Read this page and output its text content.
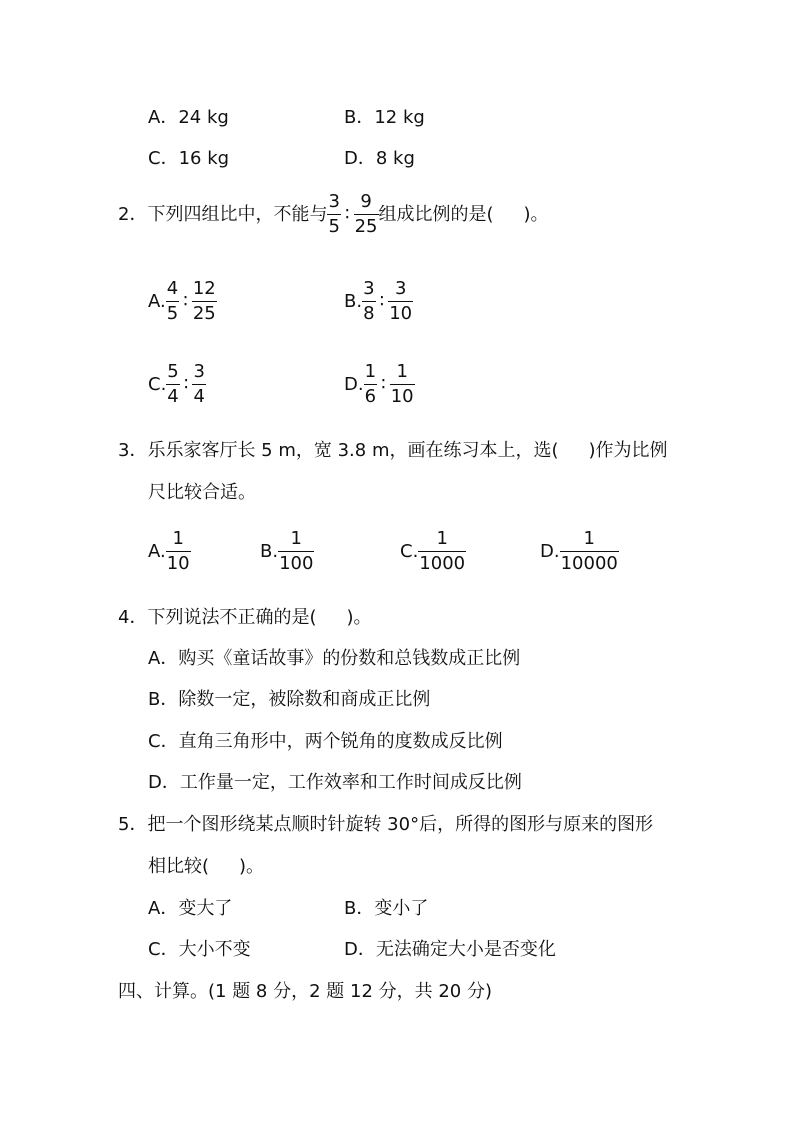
A．24 kg	B．12 kg
C．16 kg	D．8 kg
2．下列四组比中，不能与 $\frac{3}{5}$ ∶ $\frac{9}{25}$ 组成比例的是( )。
A. $\frac{4}{5}$ ∶ $\frac{12}{25}$	B. $\frac{3}{8}$ ∶ $\frac{3}{10}$
C. $\frac{5}{4}$ ∶ $\frac{3}{4}$	D. $\frac{1}{6}$ ∶ $\frac{1}{10}$
3．乐乐家客厅长 5 m，宽 3.8 m，画在练习本上，选( )作为比例
尺比较合适。
A. $\frac{1}{10}$	B. $\frac{1}{100}$	C. $\frac{1}{1000}$	D. $\frac{1}{10000}$
4．下列说法不正确的是( )。
A．购买《童话故事》的份数和总钱数成正比例
B．除数一定，被除数和商成正比例
C．直角三角形中，两个锐角的度数成反比例
D．工作量一定，工作效率和工作时间成反比例
5．把一个图形绕某点顺时针旋转 30°后，所得的图形与原来的图形
相比较( )。
A．变大了	B．变小了
C．大小不变	D．无法确定大小是否变化
四、计算。(1 题 8 分，2 题 12 分，共 20 分)
